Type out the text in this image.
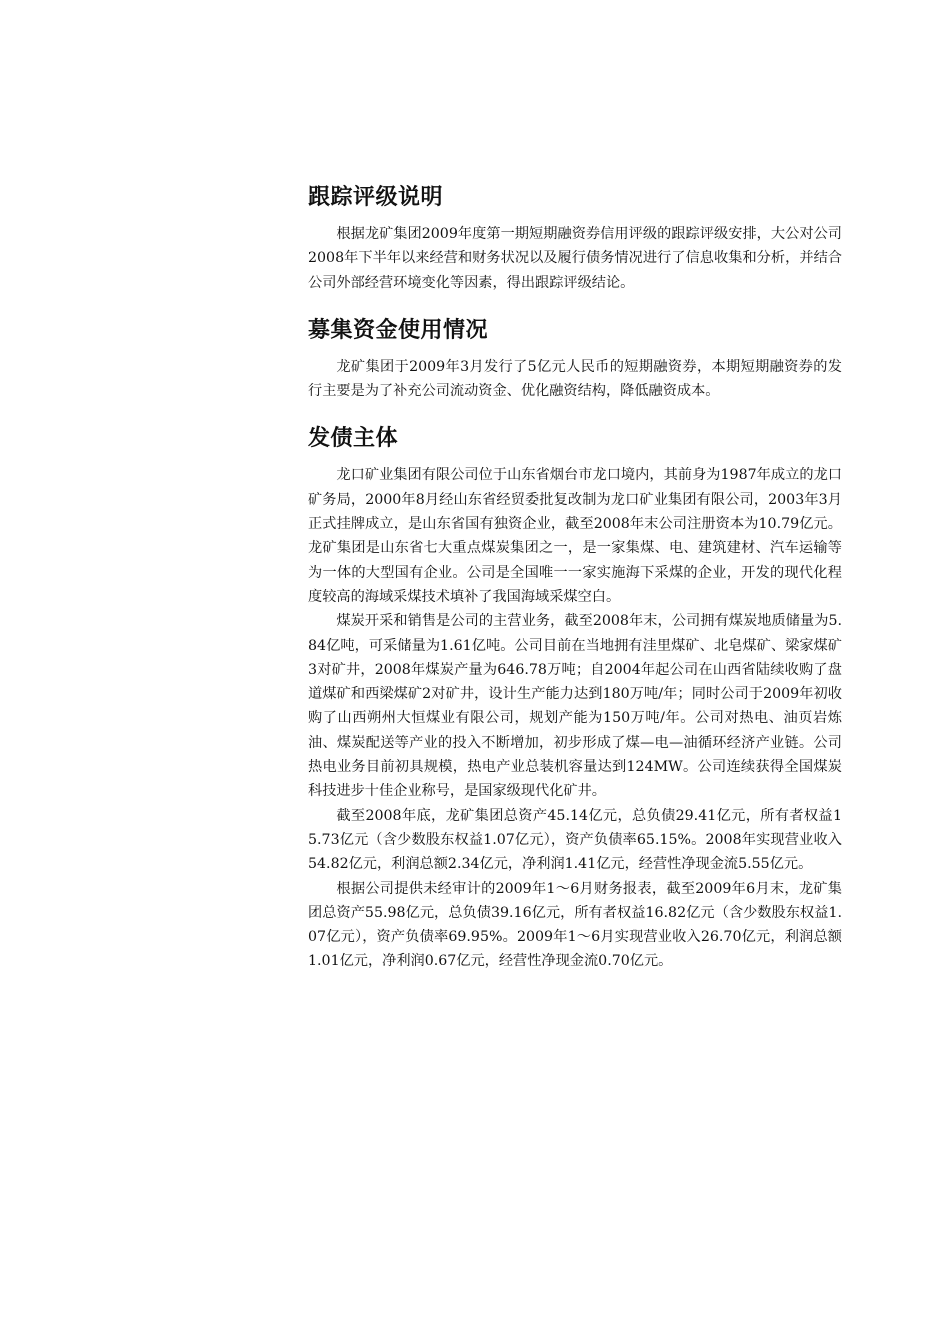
跟踪评级说明

根据龙矿集团2009年度第一期短期融资券信用评级的跟踪评级安排，大公对公司2008年下半年以来经营和财务状况以及履行债务情况进行了信息收集和分析，并结合公司外部经营环境变化等因素，得出跟踪评级结论。

募集资金使用情况

龙矿集团于2009年3月发行了5亿元人民币的短期融资券，本期短期融资券的发行主要是为了补充公司流动资金、优化融资结构，降低融资成本。

发债主体

龙口矿业集团有限公司位于山东省烟台市龙口境内，其前身为1987年成立的龙口矿务局，2000年8月经山东省经贸委批复改制为龙口矿业集团有限公司，2003年3月正式挂牌成立，是山东省国有独资企业，截至2008年末公司注册资本为10.79亿元。龙矿集团是山东省七大重点煤炭集团之一，是一家集煤、电、建筑建材、汽车运输等为一体的大型国有企业。公司是全国唯一一家实施海下采煤的企业，开发的现代化程度较高的海域采煤技术填补了我国海域采煤空白。

煤炭开采和销售是公司的主营业务，截至2008年末，公司拥有煤炭地质储量为5.84亿吨，可采储量为1.61亿吨。公司目前在当地拥有洼里煤矿、北皂煤矿、梁家煤矿3对矿井，2008年煤炭产量为646.78万吨；自2004年起公司在山西省陆续收购了盘道煤矿和西梁煤矿2对矿井，设计生产能力达到180万吨/年；同时公司于2009年初收购了山西朔州大恒煤业有限公司，规划产能为150万吨/年。公司对热电、油页岩炼油、煤炭配送等产业的投入不断增加，初步形成了煤—电—油循环经济产业链。公司热电业务目前初具规模，热电产业总装机容量达到124MW。公司连续获得全国煤炭科技进步十佳企业称号，是国家级现代化矿井。

截至2008年底，龙矿集团总资产45.14亿元，总负债29.41亿元，所有者权益15.73亿元（含少数股东权益1.07亿元），资产负债率65.15%。2008年实现营业收入54.82亿元，利润总额2.34亿元，净利润1.41亿元，经营性净现金流5.55亿元。

根据公司提供未经审计的2009年1～6月财务报表，截至2009年6月末，龙矿集团总资产55.98亿元，总负债39.16亿元，所有者权益16.82亿元（含少数股东权益1.07亿元），资产负债率69.95%。2009年1～6月实现营业收入26.70亿元，利润总额1.01亿元，净利润0.67亿元，经营性净现金流0.70亿元。
